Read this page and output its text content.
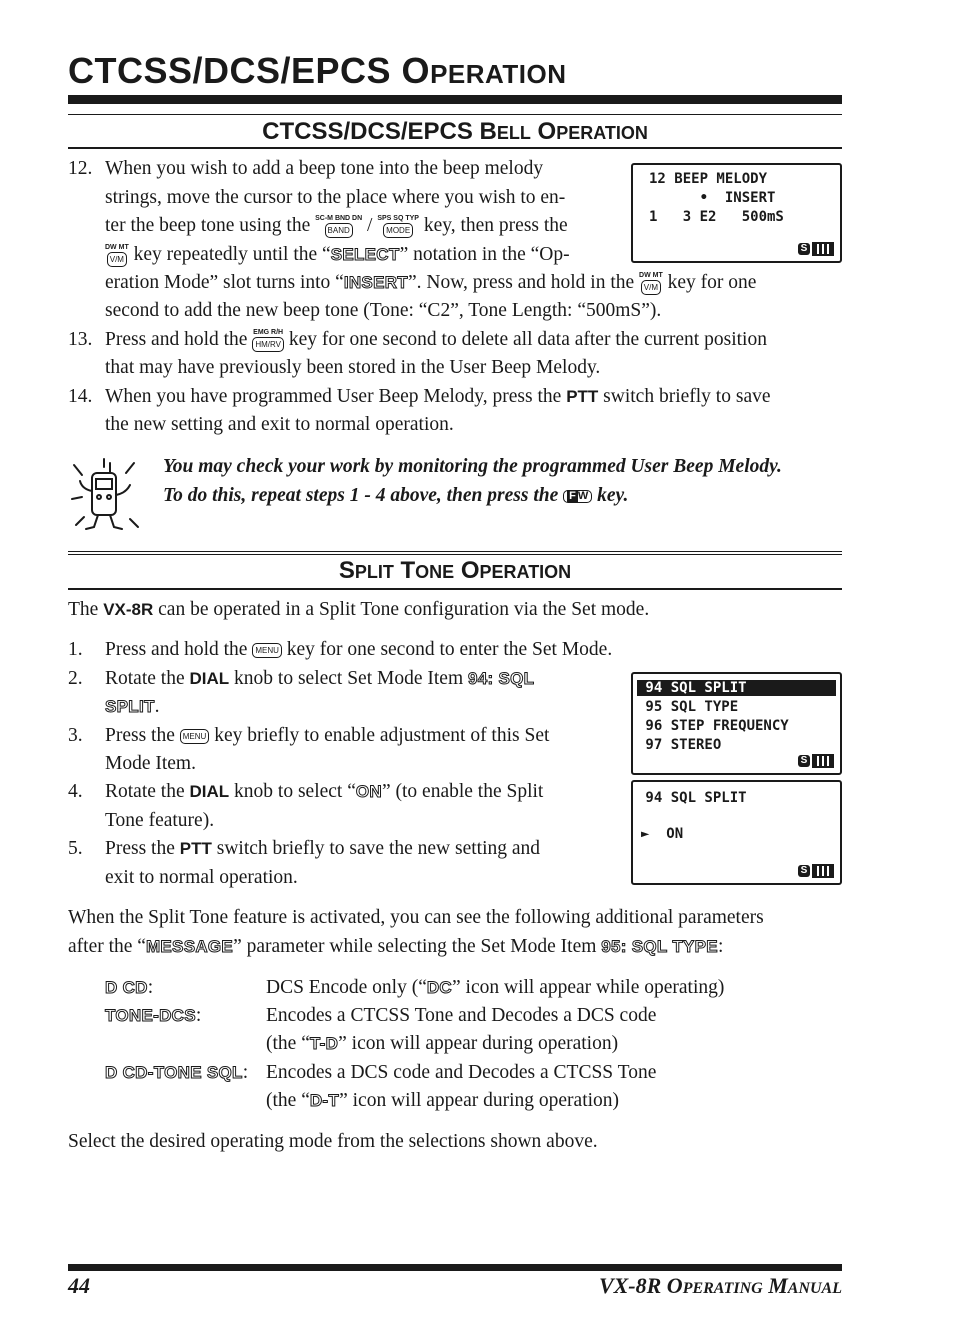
CTCSS/DCS/EPCS OPERATION
CTCSS/DCS/EPCS BELL OPERATION
12. When you wish to add a beep tone into the beep melody
strings, move the cursor to the place where you wish to en-
ter the beep tone using the SC-M BND DN
BAND / SPS SQ TYP
MODE key, then press the
$\frac{\text{DW MT}}{V/M}$ key repeatedly until the “SELECT” notation in the “Op-
eration Mode” slot turns into “INSERT”. Now, press and hold in the $\frac{\text{DW MT}}{V/M}$ key for one
second to add the new beep tone (Tone: “C2”, Tone Length: “500mS”).
12 BEEP MELODY
•  INSERT
1   3 E2   500mS
S
13. Press and hold the EMG R/H
HM/RV key for one second to delete all data after the current position
that may have previously been stored in the User Beep Melody.
14. When you have programmed User Beep Melody, press the PTT switch briefly to save
the new setting and exit to normal operation.
You may check your work by monitoring the programmed User Beep Melody.
To do this, repeat steps 1 - 4 above, then press the F W key.
SPLIT TONE OPERATION
The VX-8R can be operated in a Split Tone configuration via the Set mode.
1. Press and hold the MENU key for one second to enter the Set Mode.
2. Rotate the DIAL knob to select Set Mode Item 94: SQL
SPLIT.
3. Press the MENU key briefly to enable adjustment of this Set
Mode Item.
4. Rotate the DIAL knob to select “ON” (to enable the Split
Tone feature).
5. Press the PTT switch briefly to save the new setting and
exit to normal operation.
94 SQL SPLIT
95 SQL TYPE
96 STEP FREQUENCY
97 STEREO
S
94 SQL SPLIT
►  ON
S
When the Split Tone feature is activated, you can see the following additional parameters
after the “MESSAGE” parameter while selecting the Set Mode Item 95: SQL TYPE:
D CD:	DCS Encode only (“DC” icon will appear while operating)
TONE-DCS:	Encodes a CTCSS Tone and Decodes a DCS code
(the “T-D” icon will appear during operation)
D CD-TONE SQL: Encodes a DCS code and Decodes a CTCSS Tone
(the “D-T” icon will appear during operation)
Select the desired operating mode from the selections shown above.
44	VX-8R OPERATING MANUAL
